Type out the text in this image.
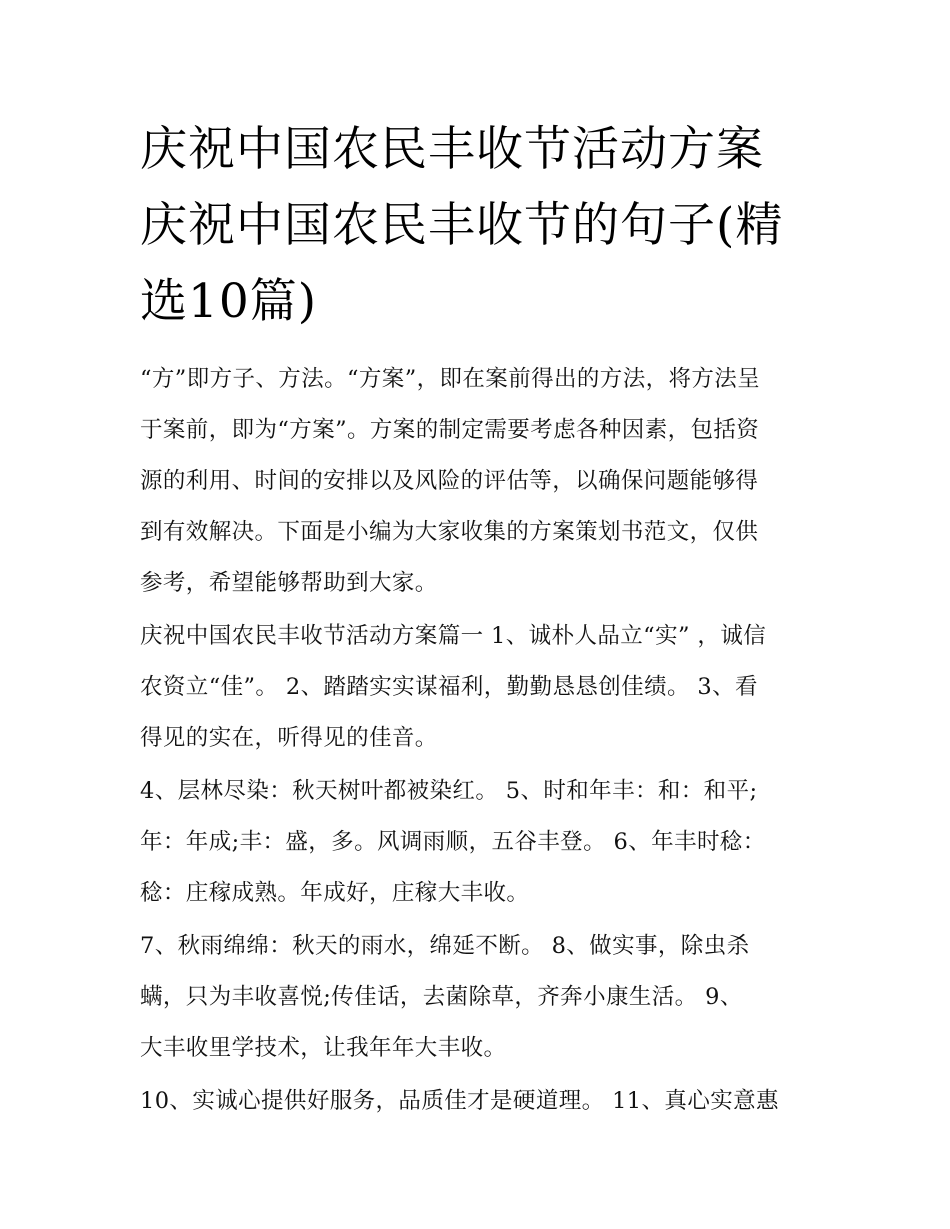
庆祝中国农民丰收节活动方案
庆祝中国农民丰收节的句子(精
选10篇)

“方”即方子、方法。“方案”，即在案前得出的方法，将方法呈
于案前，即为“方案”。方案的制定需要考虑各种因素，包括资
源的利用、时间的安排以及风险的评估等，以确保问题能够得
到有效解决。下面是小编为大家收集的方案策划书范文，仅供
参考，希望能够帮助到大家。

庆祝中国农民丰收节活动方案篇一 1、诚朴人品立“实” ，诚信
农资立“佳”。 2、踏踏实实谋福利，勤勤恳恳创佳绩。 3、看
得见的实在，听得见的佳音。

4、层林尽染：秋天树叶都被染红。 5、时和年丰：和：和平;
年：年成;丰：盛，多。风调雨顺，五谷丰登。 6、年丰时稔：
稔：庄稼成熟。年成好，庄稼大丰收。

7、秋雨绵绵：秋天的雨水，绵延不断。 8、做实事，除虫杀
螨，只为丰收喜悦;传佳话，去菌除草，齐奔小康生活。 9、
大丰收里学技术，让我年年大丰收。

10、实诚心提供好服务，品质佳才是硬道理。 11、真心实意惠
